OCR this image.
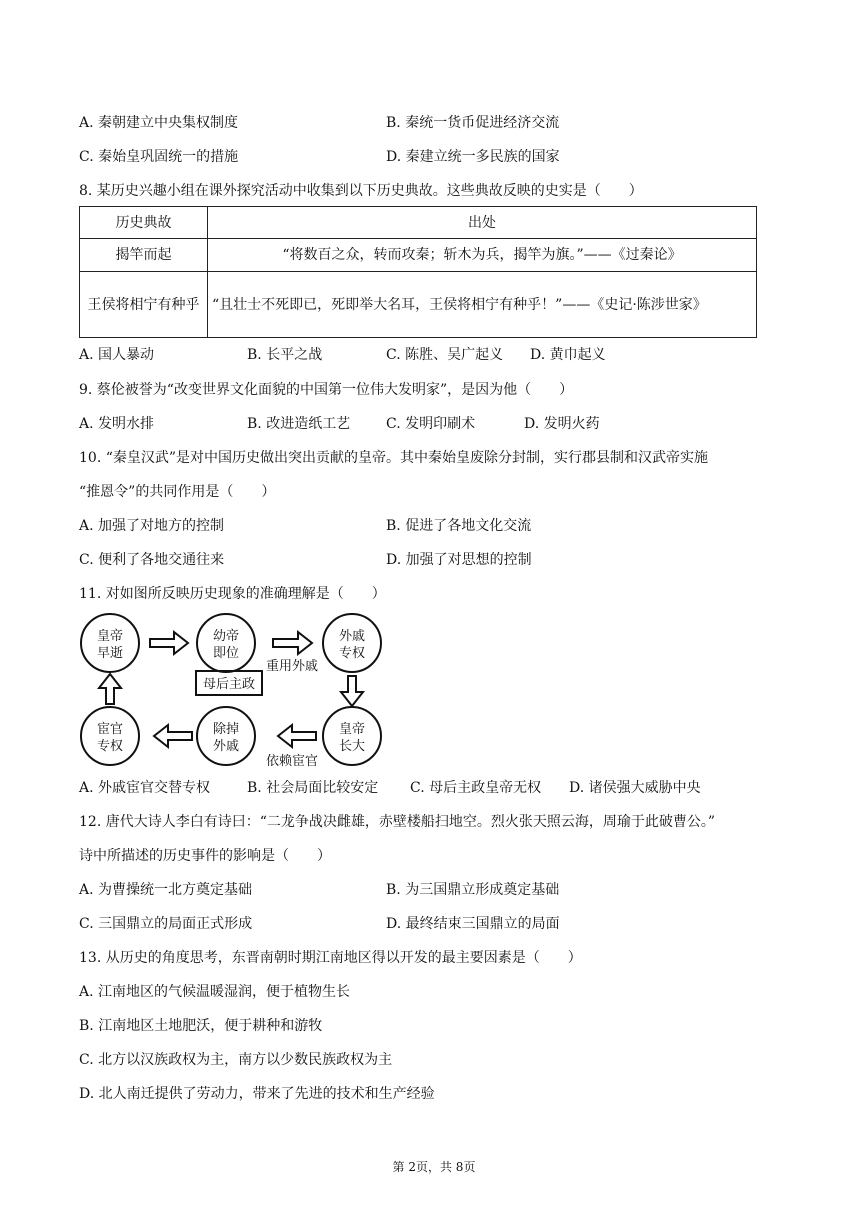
A. 秦朝建立中央集权制度	B. 秦统一货币促进经济交流
C. 秦始皇巩固统一的措施	D. 秦建立统一多民族的国家
8. 某历史兴趣小组在课外探究活动中收集到以下历史典故。这些典故反映的史实是（　　）
历史典故	出处
揭竿而起	“将数百之众，转而攻秦；斩木为兵，揭竿为旗。”——《过秦论》
王侯将相宁有种乎	“且壮士不死即已，死即举大名耳，王侯将相宁有种乎！”——《史记·陈涉世家》
A. 国人暴动	B. 长平之战	C. 陈胜、吴广起义 D. 黄巾起义
9. 蔡伦被誉为“改变世界文化面貌的中国第一位伟大发明家”，是因为他（　　）
A. 发明水排	B. 改进造纸工艺	C. 发明印刷术	D. 发明火药
10. “秦皇汉武”是对中国历史做出突出贡献的皇帝。其中秦始皇废除分封制，实行郡县制和汉武帝实施
“推恩令”的共同作用是（　　）
A. 加强了对地方的控制	B. 促进了各地文化交流
C. 便利了各地交通往来	D. 加强了对思想的控制
11. 对如图所反映历史现象的准确理解是（　　）
皇帝
早逝
幼帝
即位
外戚
专权
宦官
专权
除掉
外戚
皇帝
长大
母后主政
重用外戚
依赖宦官
A. 外戚宦官交替专权	B. 社会局面比较安定 C. 母后主政皇帝无权 D. 诸侯强大威胁中央
12. 唐代大诗人李白有诗曰：“二龙争战决雌雄，赤壁楼船扫地空。烈火张天照云海，周瑜于此破曹公。”
诗中所描述的历史事件的影响是（　　）
A. 为曹操统一北方奠定基础	B. 为三国鼎立形成奠定基础
C. 三国鼎立的局面正式形成	D. 最终结束三国鼎立的局面
13. 从历史的角度思考，东晋南朝时期江南地区得以开发的最主要因素是（　　）
A. 江南地区的气候温暖湿润，便于植物生长
B. 江南地区土地肥沃，便于耕种和游牧
C. 北方以汉族政权为主，南方以少数民族政权为主
D. 北人南迁提供了劳动力，带来了先进的技术和生产经验
第 2页，共 8页
